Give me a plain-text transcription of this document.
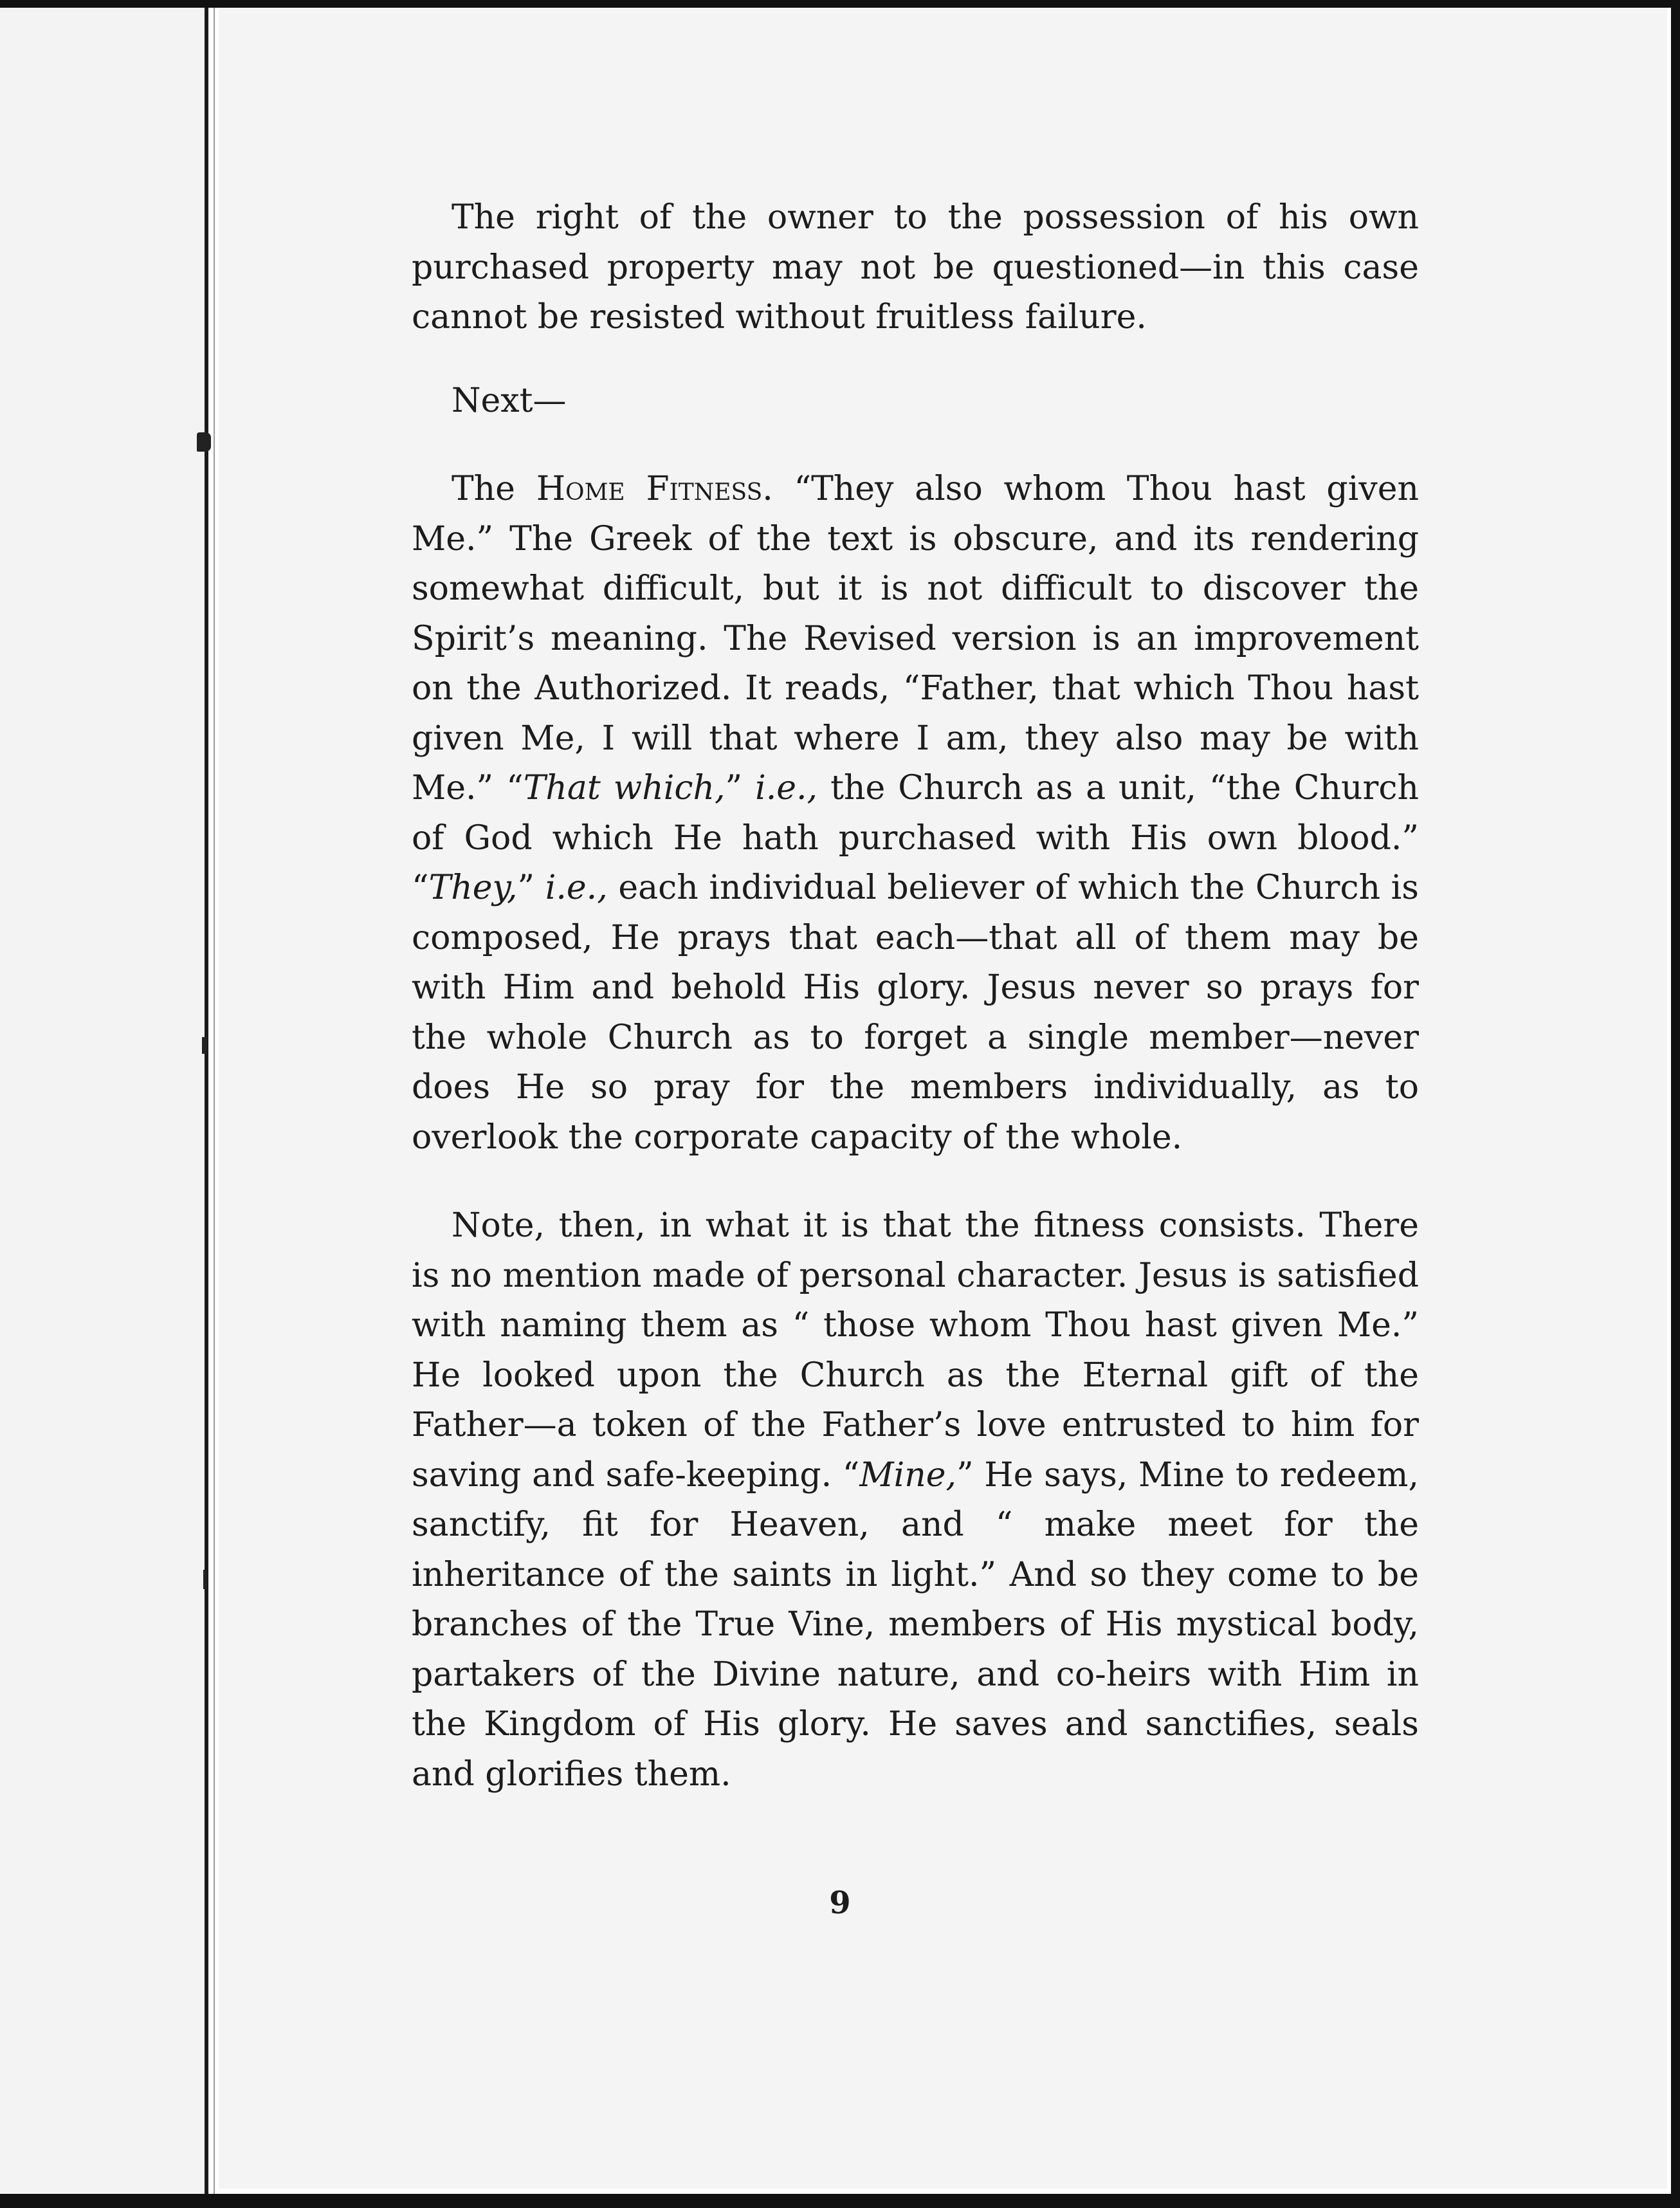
The right of the owner to the possession of his own purchased property may not be questioned—in this case cannot be resisted without fruitless failure.

Next—

The Home Fitness. “They also whom Thou hast given Me.” The Greek of the text is obscure, and its rendering somewhat difficult, but it is not difficult to discover the Spirit’s meaning. The Revised version is an improvement on the Authorized. It reads, “Father, that which Thou hast given Me, I will that where I am, they also may be with Me.” “That which,” i.e., the Church as a unit, “the Church of God which He hath purchased with His own blood.” “They,” i.e., each individual believer of which the Church is composed, He prays that each—that all of them may be with Him and behold His glory. Jesus never so prays for the whole Church as to forget a single member—never does He so pray for the members individually, as to overlook the corporate capacity of the whole.

Note, then, in what it is that the fitness consists. There is no mention made of personal character. Jesus is satisfied with naming them as “ those whom Thou hast given Me.” He looked upon the Church as the Eternal gift of the Father—a token of the Father’s love entrusted to him for saving and safe-keeping. “Mine,” He says, Mine to redeem, sanctify, fit for Heaven, and “ make meet for the inheritance of the saints in light.” And so they come to be branches of the True Vine, members of His mystical body, partakers of the Divine nature, and co-heirs with Him in the Kingdom of His glory. He saves and sanctifies, seals and glorifies them.

9
